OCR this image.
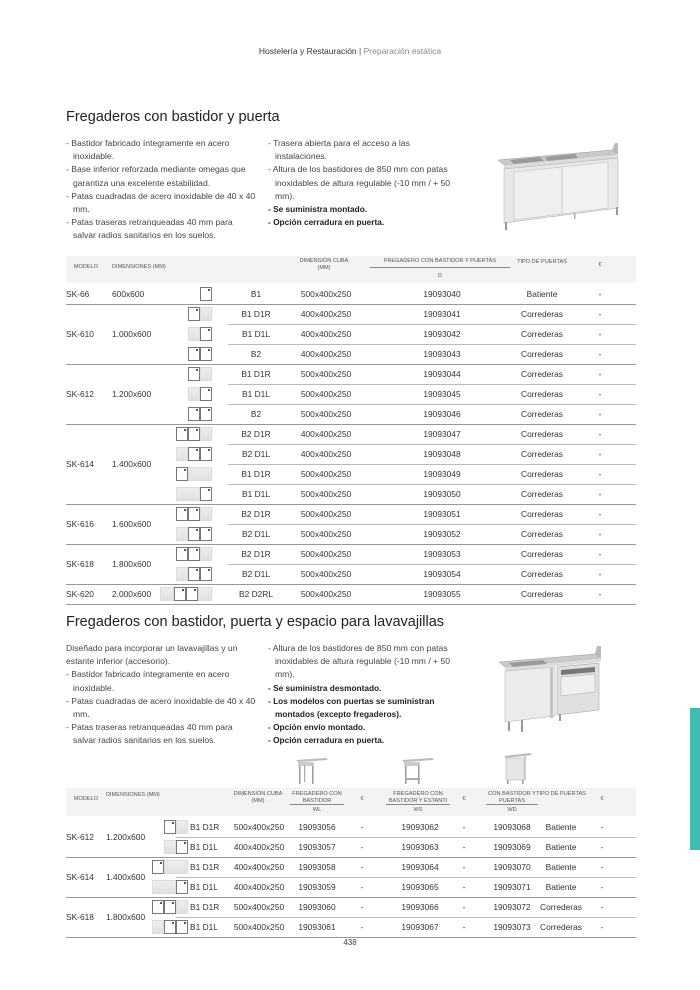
Hostelería y Restauración | Preparación estática
Fregaderos con bastidor y puerta
- Bastidor fabricado íntegramente en acero inoxidable.
- Base inferior reforzada mediante omegas que garantiza una excelente estabilidad.
- Patas cuadradas de acero inoxidable de 40 x 40 mm.
- Patas traseras retranqueadas 40 mm para salvar radios sanitarios en los suelos.
- Trasera abierta para el acceso a las instalaciones.
- Altura de los bastidores de 850 mm con patas inoxidables de altura regulable (-10 mm / + 50 mm).
- Se suministra montado.
- Opción cerradura en puerta.
MODELO	DIMENSIONES (MM)
DIMENSIÓN CUBA (MM)
FREGADERO CON BASTIDOR Y PUERTAS
D
TIPO DE PUERTAS	€
SK-66	600x600	B1	500x400x250	19093040	Batiente	-
SK-610	1.000x600
B1 D1R	400x400x250	19093041	Correderas	-
B1 D1L	400x400x250	19093042	Correderas	-
B2	400x400x250	19093043	Correderas	-
SK-612	1.200x600
B1 D1R	500x400x250	19093044	Correderas	-
B1 D1L	500x400x250	19093045	Correderas	-
B2	500x400x250	19093046	Correderas	-
SK-614	1.400x600
B2 D1R	400x400x250	19093047	Correderas	-
B2 D1L	400x400x250	19093048	Correderas	-
B1 D1R	500x400x250	19093049	Correderas	-
B1 D1L	500x400x250	19093050	Correderas	-
SK-616	1.600x600
B2 D1R	500x400x250	19093051	Correderas	-
B2 D1L	500x400x250	19093052	Correderas	-
SK-618	1.800x600
B2 D1R	500x400x250	19093053	Correderas	-
B2 D1L	500x400x250	19093054	Correderas	-
SK-620	2.000x600	B2 D2RL	500x400x250	19093055	Correderas	-
Fregaderos con bastidor, puerta y espacio para lavavajillas
Diseñado para incorporar un lavavajillas y un estante inferior (accesorio).
- Bastidor fabricado íntegramente en acero inoxidable.
- Patas cuadradas de acero inoxidable de 40 x 40 mm.
- Patas traseras retranqueadas 40 mm para salvar radios sanitarios en los suelos.
- Altura de los bastidores de 850 mm con patas inoxidables de altura regulable (-10 mm / + 50 mm).
- Se suministra desmontado.
- Los modelos con puertas se suministran montados (excepto fregaderos).
- Opción envío montado.
- Opción cerradura en puerta.
MODELO
DIMENSIONES (MM)	DIMENSIÓN CUBA (MM)
FREGADERO CON BASTIDOR
WL
€
FREGADERO CON BASTIDOR Y ESTANTI
WS
€
CON BASTIDOR Y PUERTAS
WD
TIPO DE PUERTAS
€
SK-612	1.200x600
B1 D1R	500x400x250	19093056	-	19093062	-	19093068	Batiente	-
B1 D1L	400x400x250	19093057	-	19093063	-	19093069	Batiente	-
SK-614	1.400x600
B1 D1R	400x400x250	19093058	-	19093064	-	19093070	Batiente	-
B1 D1L	400x400x250	19093059	-	19093065	-	19093071	Batiente	-
SK-618	1.800x600
B1 D1R	500x400x250	19093060	-	19093066	-	19093072	Correderas	-
B1 D1L	500x400x250	19093061	-	19093067	-	19093073	Correderas	-
438
